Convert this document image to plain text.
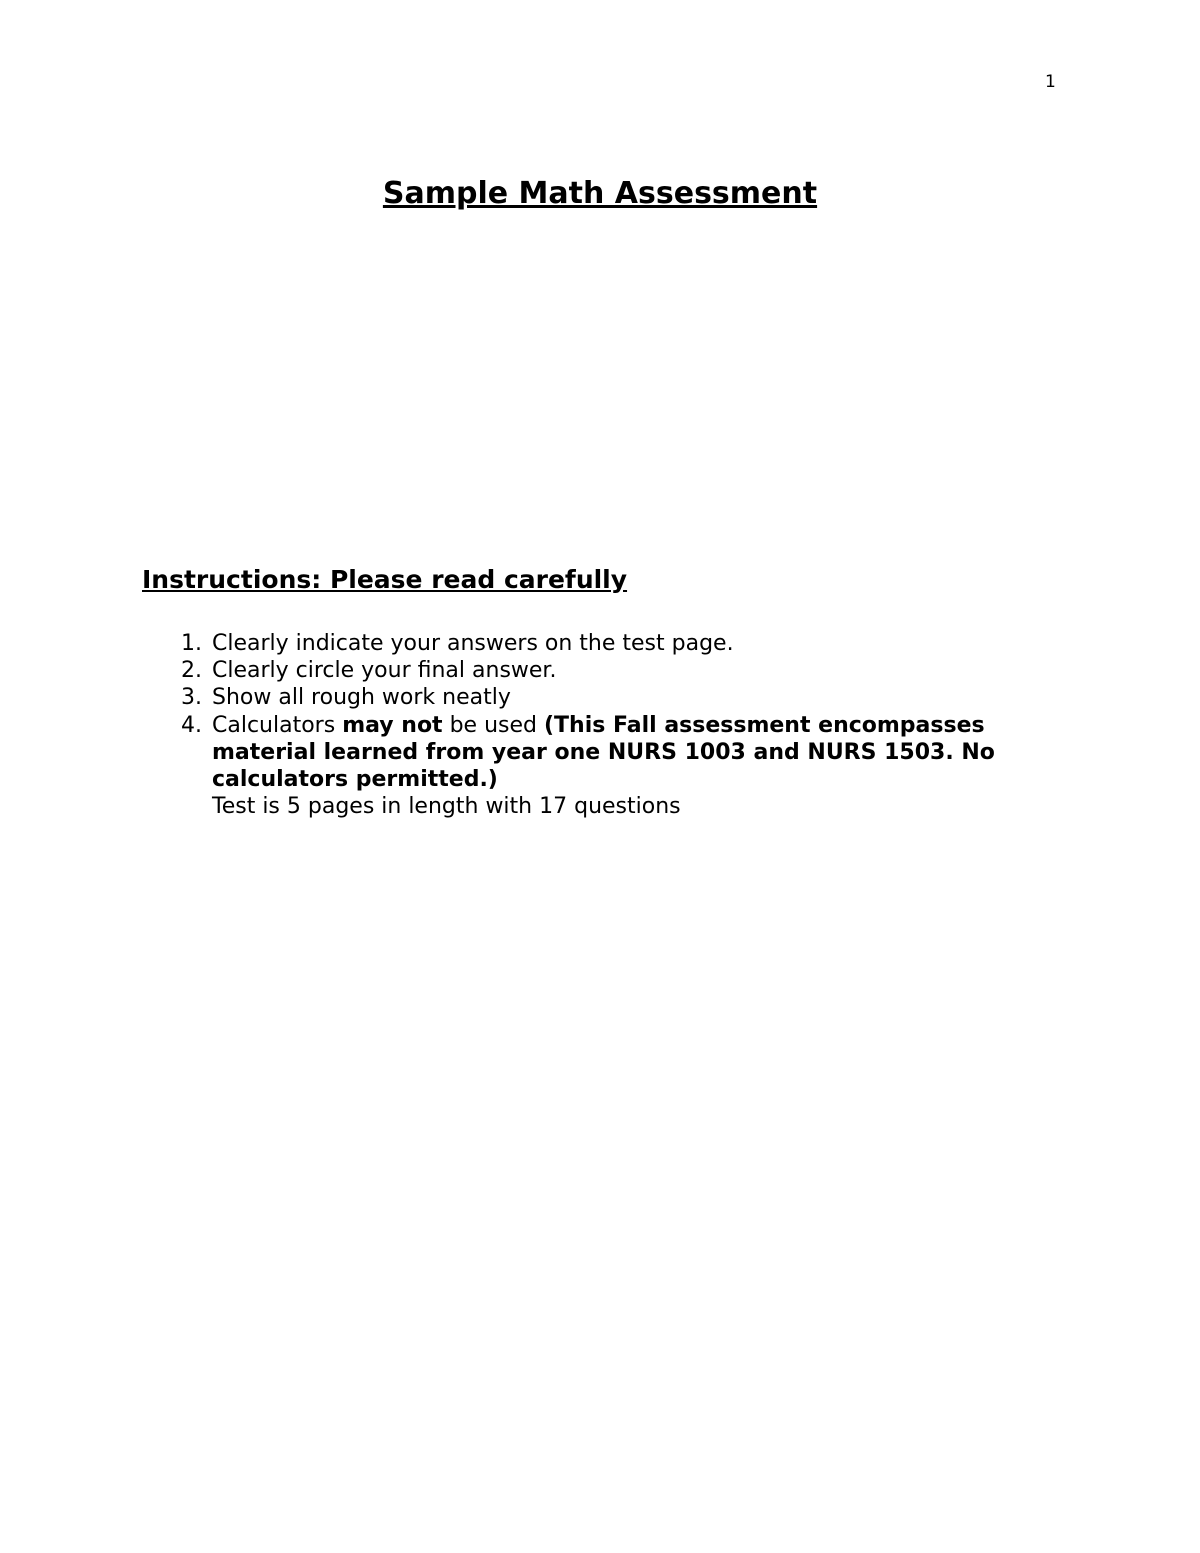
1
Sample Math Assessment
Instructions: Please read carefully
1. Clearly indicate your answers on the test page.
2. Clearly circle your final answer.
3. Show all rough work neatly
4. Calculators may not be used (This Fall assessment encompasses material learned from year one NURS 1003 and NURS 1503. No calculators permitted.)
Test is 5 pages in length with 17 questions
